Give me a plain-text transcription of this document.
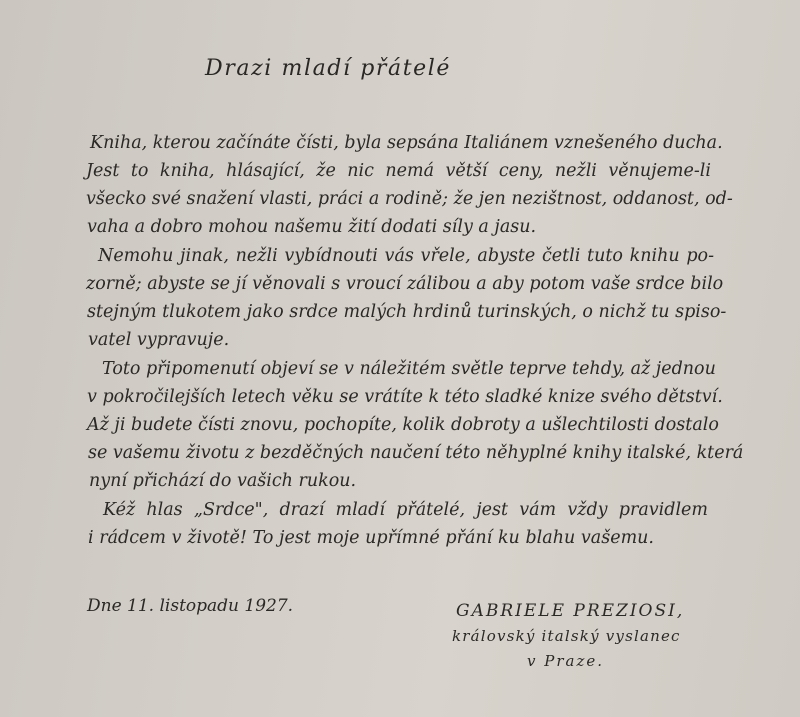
Drazi mladí přátelé
Kniha, kterou začínáte čísti, byla sepsána Italiánem vznešeného ducha.
Jest to kniha, hlásající, že nic nemá větší ceny, nežli věnujeme-li
všecko své snažení vlasti, práci a rodině; že jen nezištnost, oddanost, od-
vaha a dobro mohou našemu žití dodati síly a jasu.
Nemohu jinak, nežli vybídnouti vás vřele, abyste četli tuto knihu po-
zorně; abyste se jí věnovali s vroucí zálibou a aby potom vaše srdce bilo
stejným tlukotem jako srdce malých hrdinů turinských, o nichž tu spiso-
vatel vypravuje.
Toto připomenutí objeví se v náležitém světle teprve tehdy, až jednou
v pokročilejších letech věku se vrátíte k této sladké knize svého dětství.
Až ji budete čísti znovu, pochopíte, kolik dobroty a ušlechtilosti dostalo
se vašemu životu z bezděčných naučení této něhyplné knihy italské, která
nyní přichází do vašich rukou.
Kéž hlas „Srdce", drazí mladí přátelé, jest vám vždy pravidlem
i rádcem v životě! To jest moje upřímné přání ku blahu vašemu.
Dne 11. listopadu 1927.	GABRIELE PREZIOSI,
královský italský vyslanec
v Praze.
